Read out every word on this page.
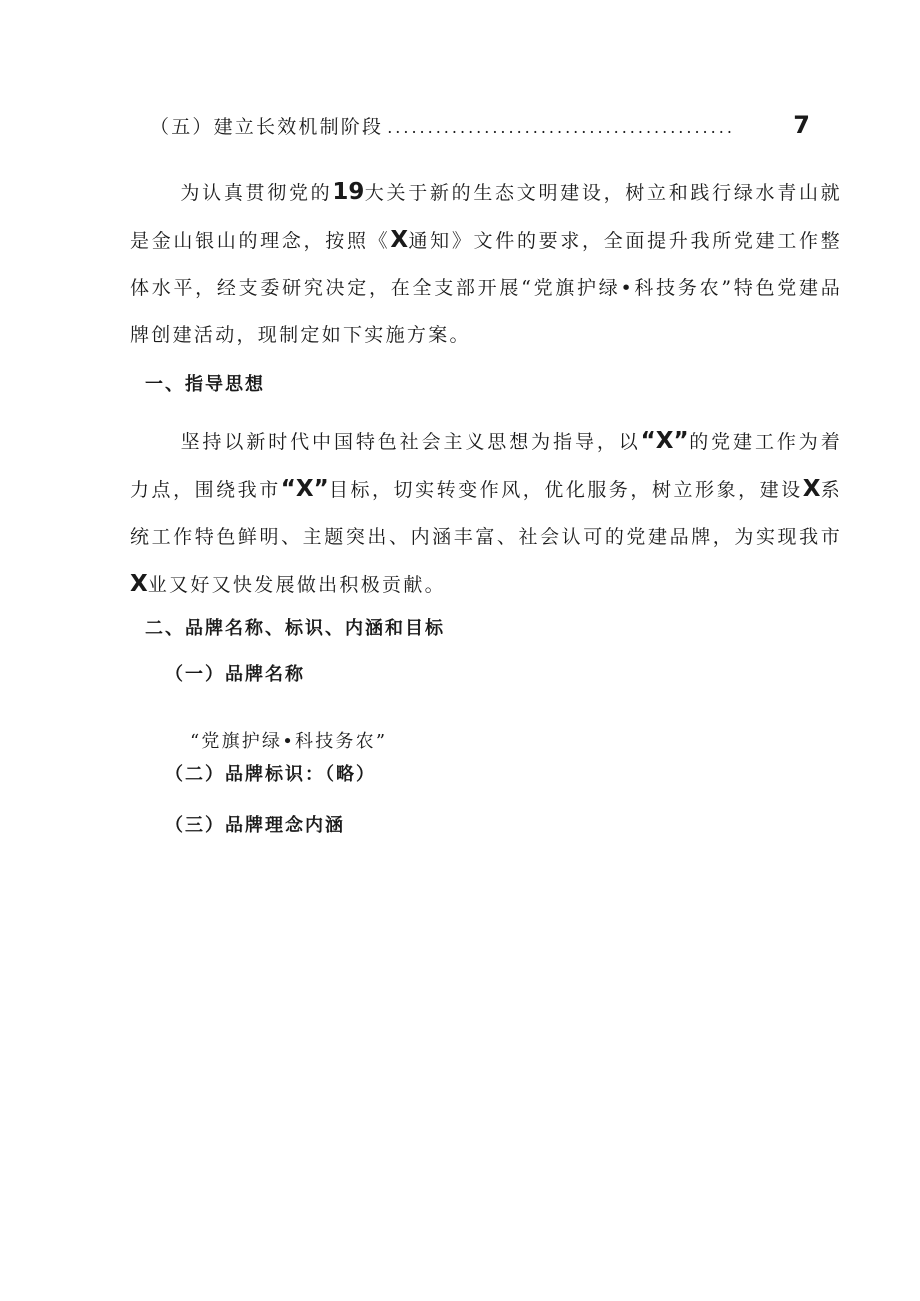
（五）建立长效机制阶段 ...........................................	7
为认真贯彻党的19大关于新的生态文明建设，树立和践行绿水青山就是金山银山的理念，按照《X通知》文件的要求，全面提升我所党建工作整体水平，经支委研究决定，在全支部开展“党旗护绿•科技务农”特色党建品牌创建活动，现制定如下实施方案。
一、指导思想
坚持以新时代中国特色社会主义思想为指导，以“X”的党建工作为着力点，围绕我市“X”目标，切实转变作风，优化服务，树立形象，建设X系统工作特色鲜明、主题突出、内涵丰富、社会认可的党建品牌，为实现我市X业又好又快发展做出积极贡献。
二、品牌名称、标识、内涵和目标
（一）品牌名称
“党旗护绿•科技务农”
（二）品牌标识：（略）
（三）品牌理念内涵
